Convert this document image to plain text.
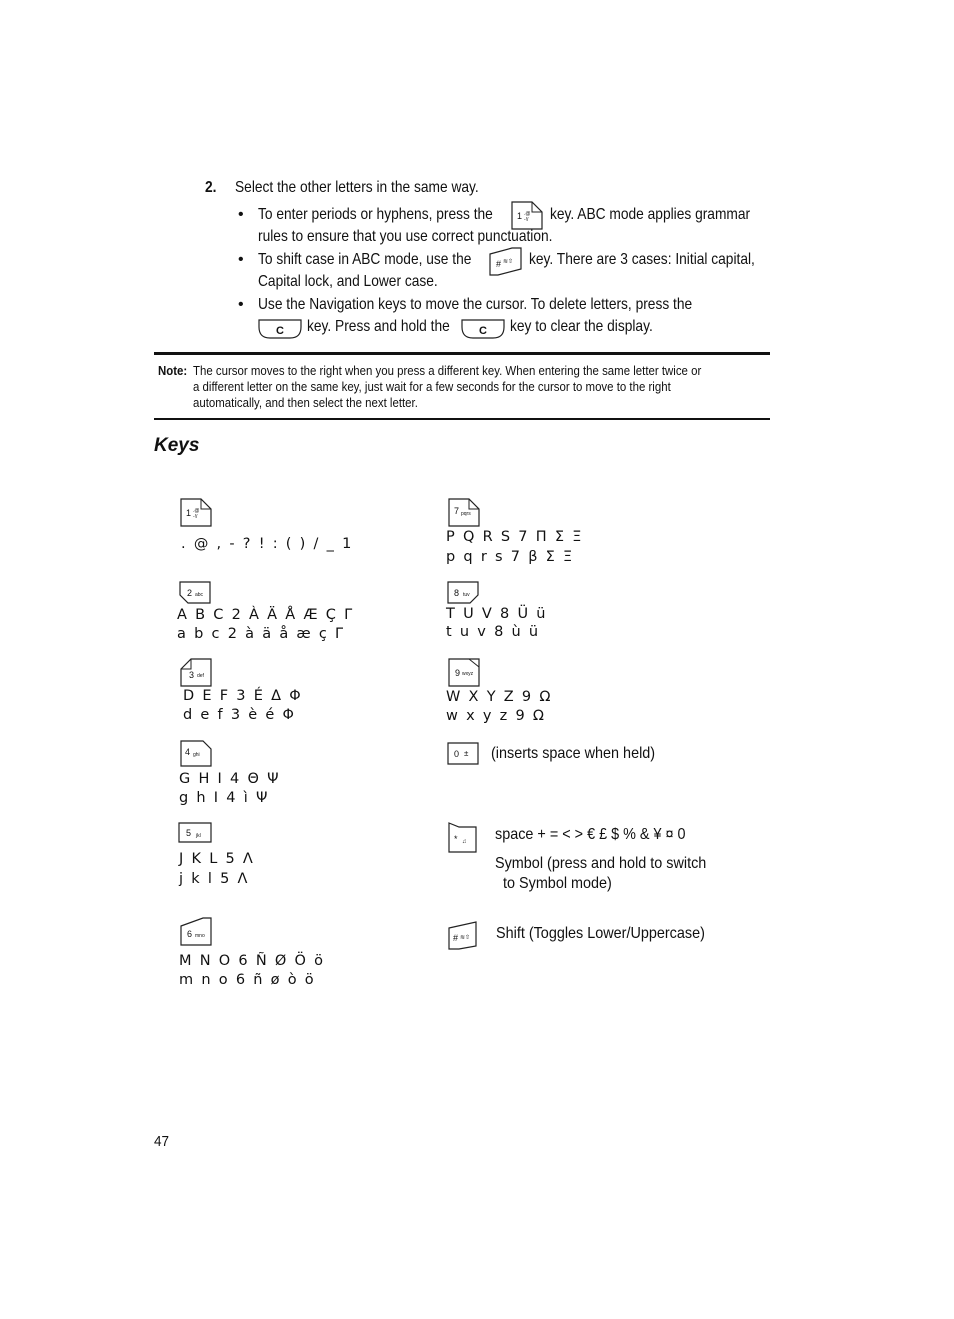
2. Select the other letters in the same way.
• To enter periods or hyphens, press the	1 .@
-!/ key. ABC mode applies grammar
rules to ensure that you use correct punctuation.
• To shift case in ABC mode, use the	# ≋⇧ key. There are 3 cases: Initial capital,
Capital lock, and Lower case.
• Use the Navigation keys to move the cursor. To delete letters, press the
C key. Press and hold the	C key to clear the display.
Note: The cursor moves to the right when you press a different key. When entering the same letter twice or
a different letter on the same key, just wait for a few seconds for the cursor to move to the right
automatically, and then select the next letter.
Keys
1 .@
-!/
. @ , - ? ! : ( ) / _ 1
2 abc
A B C 2 À Ä Å Æ Ç Γ
a b c 2 à ä å æ ç Γ
3 def
D E F 3 É Δ Φ
d e f 3 è é Φ
4 ghi
G H I 4 Θ Ψ
g h I 4 ì Ψ
5 jkl
J K L 5 Λ
j k l 5 Λ
6 mno
M N O 6 Ñ Ø Ö ö
m n o 6 ñ ø ò ö
7 pqrs
P Q R S 7 Π Σ Ξ
p q r s 7 β Σ Ξ
8 tuv
T U V 8 Ü ü
t u v 8 ù ü
9 wxyz
W X Y Z 9 Ω
w x y z 9 Ω
0 ± (inserts space when held)
* ♫ space + = < > € £ $ % & ¥ ¤ 0
Symbol (press and hold to switch
to Symbol mode)
# ≋⇧ Shift (Toggles Lower/Uppercase)
47
